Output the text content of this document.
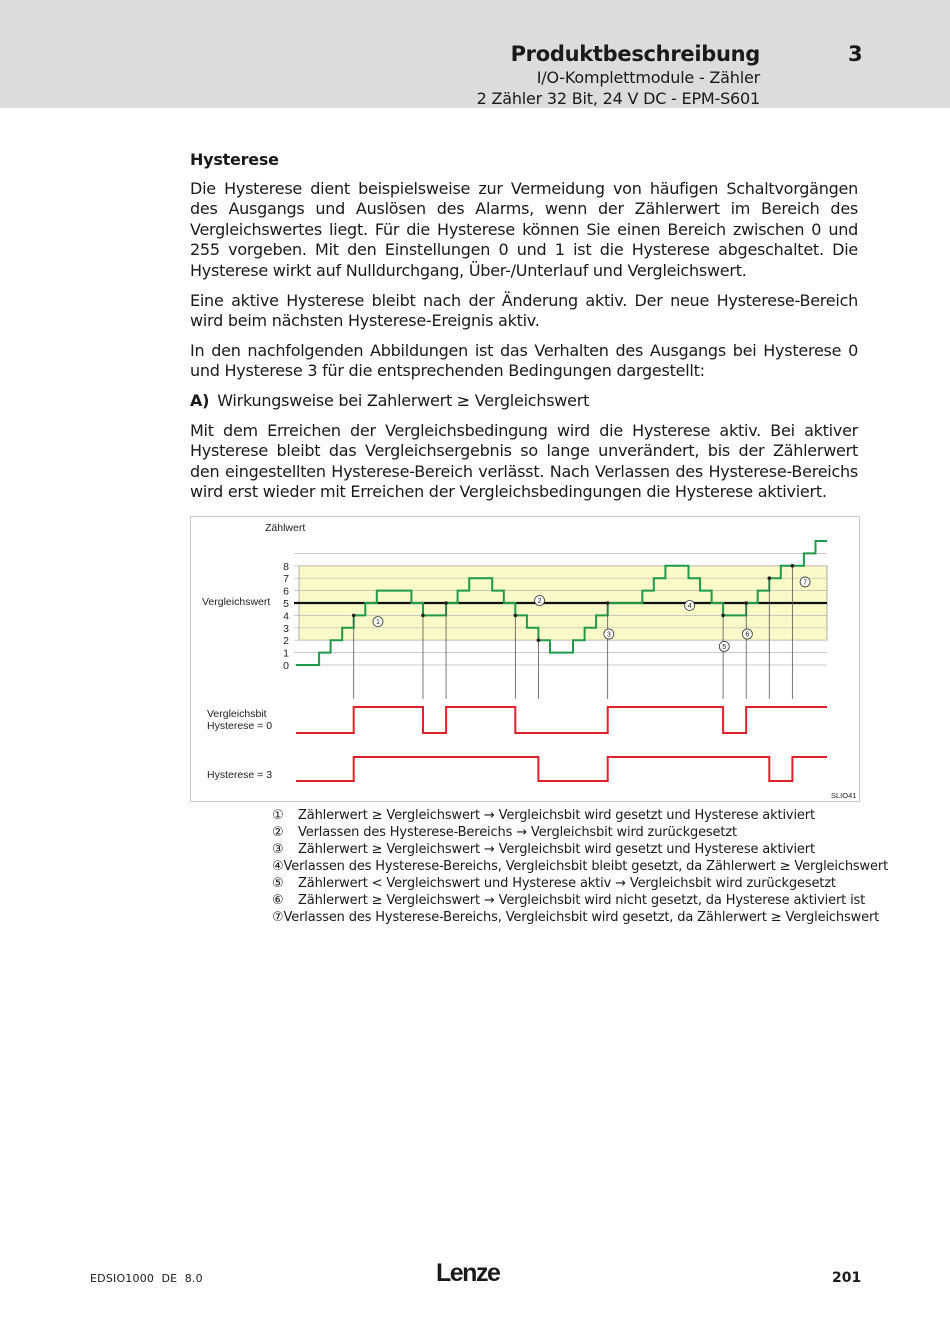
Produktbeschreibung	3
I/O-Komplettmodule - Zähler
2 Zähler 32 Bit, 24 V DC - EPM-S601
Hysterese

Die Hysterese dient beispielsweise zur Vermeidung von häufigen Schaltvorgängen des Ausgangs und Auslösen des Alarms, wenn der Zählerwert im Bereich des Vergleichswertes liegt. Für die Hysterese können Sie einen Bereich zwischen 0 und 255 vorgeben. Mit den Einstellungen 0 und 1 ist die Hysterese abgeschaltet. Die Hysterese wirkt auf Nulldurchgang, Über-/Unterlauf und Vergleichswert.

Eine aktive Hysterese bleibt nach der Änderung aktiv. Der neue Hysterese-Bereich wird beim nächsten Hysterese-Ereignis aktiv.

In den nachfolgenden Abbildungen ist das Verhalten des Ausgangs bei Hysterese 0 und Hysterese 3 für die entsprechenden Bedingungen dargestellt:

A) Wirkungsweise bei Zahlerwert ≥ Vergleichswert

Mit dem Erreichen der Vergleichsbedingung wird die Hysterese aktiv. Bei aktiver Hysterese bleibt das Vergleichsergebnis so lange unverändert, bis der Zählerwert den eingestellten Hysterese-Bereich verlässt. Nach Verlassen des Hysterese-Bereichs wird erst wieder mit Erreichen der Vergleichsbedingungen die Hysterese aktiviert.

Zählwert
Vergleichswert
Vergleichsbit
Hysterese = 0
Hysterese = 3
SLIO41
8
7
6
5
4
3
2
1
0
1
2
3
4
5
6
7
①	Zählerwert ≥ Vergleichswert → Vergleichsbit wird gesetzt und Hysterese aktiviert
②	Verlassen des Hysterese-Bereichs → Vergleichsbit wird zurückgesetzt
③	Zählerwert ≥ Vergleichswert → Vergleichsbit wird gesetzt und Hysterese aktiviert
④ Verlassen des Hysterese-Bereichs, Vergleichsbit bleibt gesetzt, da Zählerwert ≥ Vergleichswert
⑤	Zählerwert < Vergleichswert und Hysterese aktiv → Vergleichsbit wird zurückgesetzt
⑥	Zählerwert ≥ Vergleichswert → Vergleichsbit wird nicht gesetzt, da Hysterese aktiviert ist
⑦ Verlassen des Hysterese-Bereichs, Vergleichsbit wird gesetzt, da Zählerwert ≥ Vergleichswert
EDSIO1000  DE  8.0	Lenze	201
